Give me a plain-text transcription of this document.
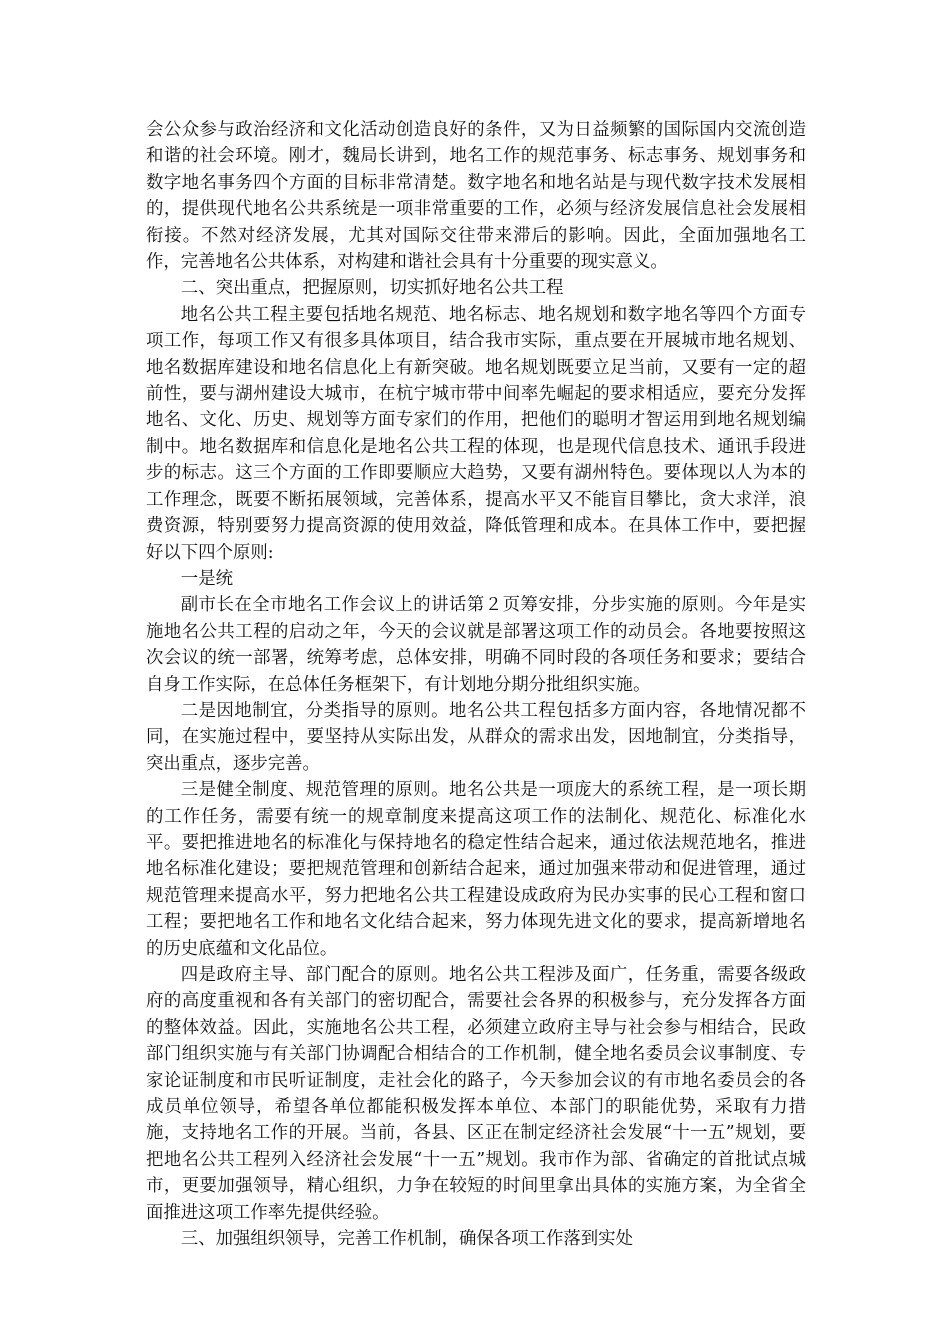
会公众参与政治经济和文化活动创造良好的条件，又为日益频繁的国际国内交流创造和谐的社会环境。刚才，魏局长讲到，地名工作的规范事务、标志事务、规划事务和数字地名事务四个方面的目标非常清楚。数字地名和地名站是与现代数字技术发展相的，提供现代地名公共系统是一项非常重要的工作，必须与经济发展信息社会发展相衔接。不然对经济发展，尤其对国际交往带来滞后的影响。因此，全面加强地名工作，完善地名公共体系，对构建和谐社会具有十分重要的现实意义。

二、突出重点，把握原则，切实抓好地名公共工程

地名公共工程主要包括地名规范、地名标志、地名规划和数字地名等四个方面专项工作，每项工作又有很多具体项目，结合我市实际，重点要在开展城市地名规划、地名数据库建设和地名信息化上有新突破。地名规划既要立足当前，又要有一定的超前性，要与湖州建设大城市，在杭宁城市带中间率先崛起的要求相适应，要充分发挥地名、文化、历史、规划等方面专家们的作用，把他们的聪明才智运用到地名规划编制中。地名数据库和信息化是地名公共工程的体现，也是现代信息技术、通讯手段进步的标志。这三个方面的工作即要顺应大趋势，又要有湖州特色。要体现以人为本的工作理念，既要不断拓展领域，完善体系，提高水平又不能盲目攀比，贪大求洋，浪费资源，特别要努力提高资源的使用效益，降低管理和成本。在具体工作中，要把握好以下四个原则:

一是统

副市长在全市地名工作会议上的讲话第２页筹安排，分步实施的原则。今年是实施地名公共工程的启动之年，今天的会议就是部署这项工作的动员会。各地要按照这次会议的统一部署，统筹考虑，总体安排，明确不同时段的各项任务和要求；要结合自身工作实际，在总体任务框架下，有计划地分期分批组织实施。

二是因地制宜，分类指导的原则。地名公共工程包括多方面内容，各地情况都不同，在实施过程中，要坚持从实际出发，从群众的需求出发，因地制宜，分类指导，突出重点，逐步完善。

三是健全制度、规范管理的原则。地名公共是一项庞大的系统工程，是一项长期的工作任务，需要有统一的规章制度来提高这项工作的法制化、规范化、标准化水平。要把推进地名的标准化与保持地名的稳定性结合起来，通过依法规范地名，推进地名标准化建设；要把规范管理和创新结合起来，通过加强来带动和促进管理，通过规范管理来提高水平，努力把地名公共工程建设成政府为民办实事的民心工程和窗口工程；要把地名工作和地名文化结合起来，努力体现先进文化的要求，提高新增地名的历史底蕴和文化品位。

四是政府主导、部门配合的原则。地名公共工程涉及面广，任务重，需要各级政府的高度重视和各有关部门的密切配合，需要社会各界的积极参与，充分发挥各方面的整体效益。因此，实施地名公共工程，必须建立政府主导与社会参与相结合，民政部门组织实施与有关部门协调配合相结合的工作机制，健全地名委员会议事制度、专家论证制度和市民听证制度，走社会化的路子，今天参加会议的有市地名委员会的各成员单位领导，希望各单位都能积极发挥本单位、本部门的职能优势，采取有力措施，支持地名工作的开展。当前，各县、区正在制定经济社会发展“十一五”规划，要把地名公共工程列入经济社会发展“十一五”规划。我市作为部、省确定的首批试点城市，更要加强领导，精心组织，力争在较短的时间里拿出具体的实施方案，为全省全面推进这项工作率先提供经验。

三、加强组织领导，完善工作机制，确保各项工作落到实处
